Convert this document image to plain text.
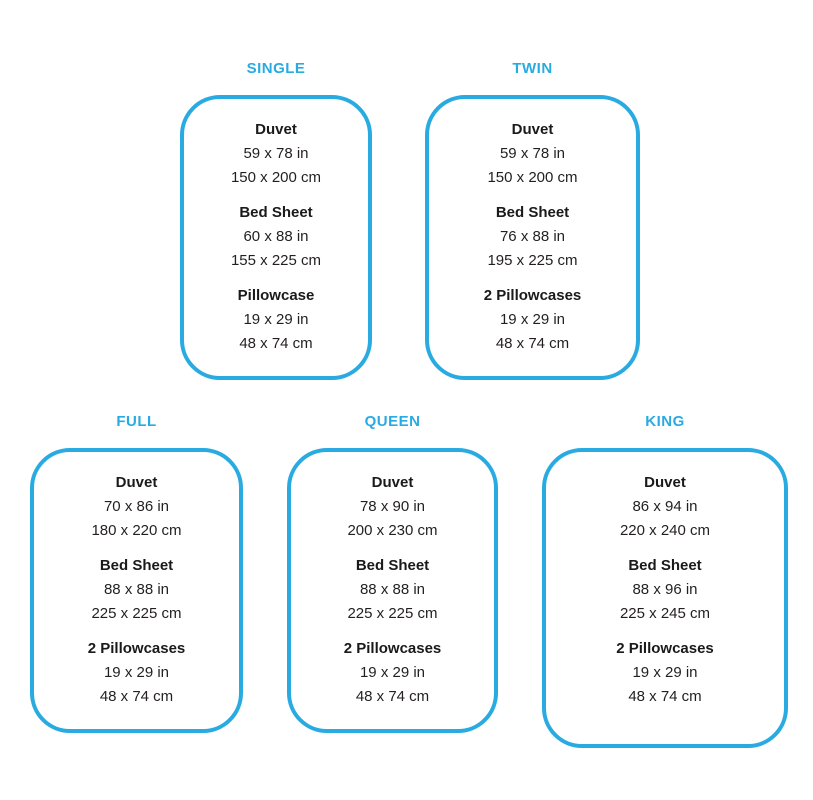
SINGLE
Duvet
59 x 78 in
150 x 200 cm
Bed Sheet
60 x 88 in
155 x 225 cm
Pillowcase
19 x 29 in
48 x 74 cm
TWIN
Duvet
59 x 78 in
150 x 200 cm
Bed Sheet
76 x 88 in
195 x 225 cm
2 Pillowcases
19 x 29 in
48 x 74 cm
FULL
Duvet
70 x 86 in
180 x 220 cm
Bed Sheet
88 x 88 in
225 x 225 cm
2 Pillowcases
19 x 29 in
48 x 74 cm
QUEEN
Duvet
78 x 90 in
200 x 230 cm
Bed Sheet
88 x 88 in
225 x 225 cm
2 Pillowcases
19 x 29 in
48 x 74 cm
KING
Duvet
86 x 94 in
220 x 240 cm
Bed Sheet
88 x 96 in
225 x 245 cm
2 Pillowcases
19 x 29 in
48 x 74 cm
